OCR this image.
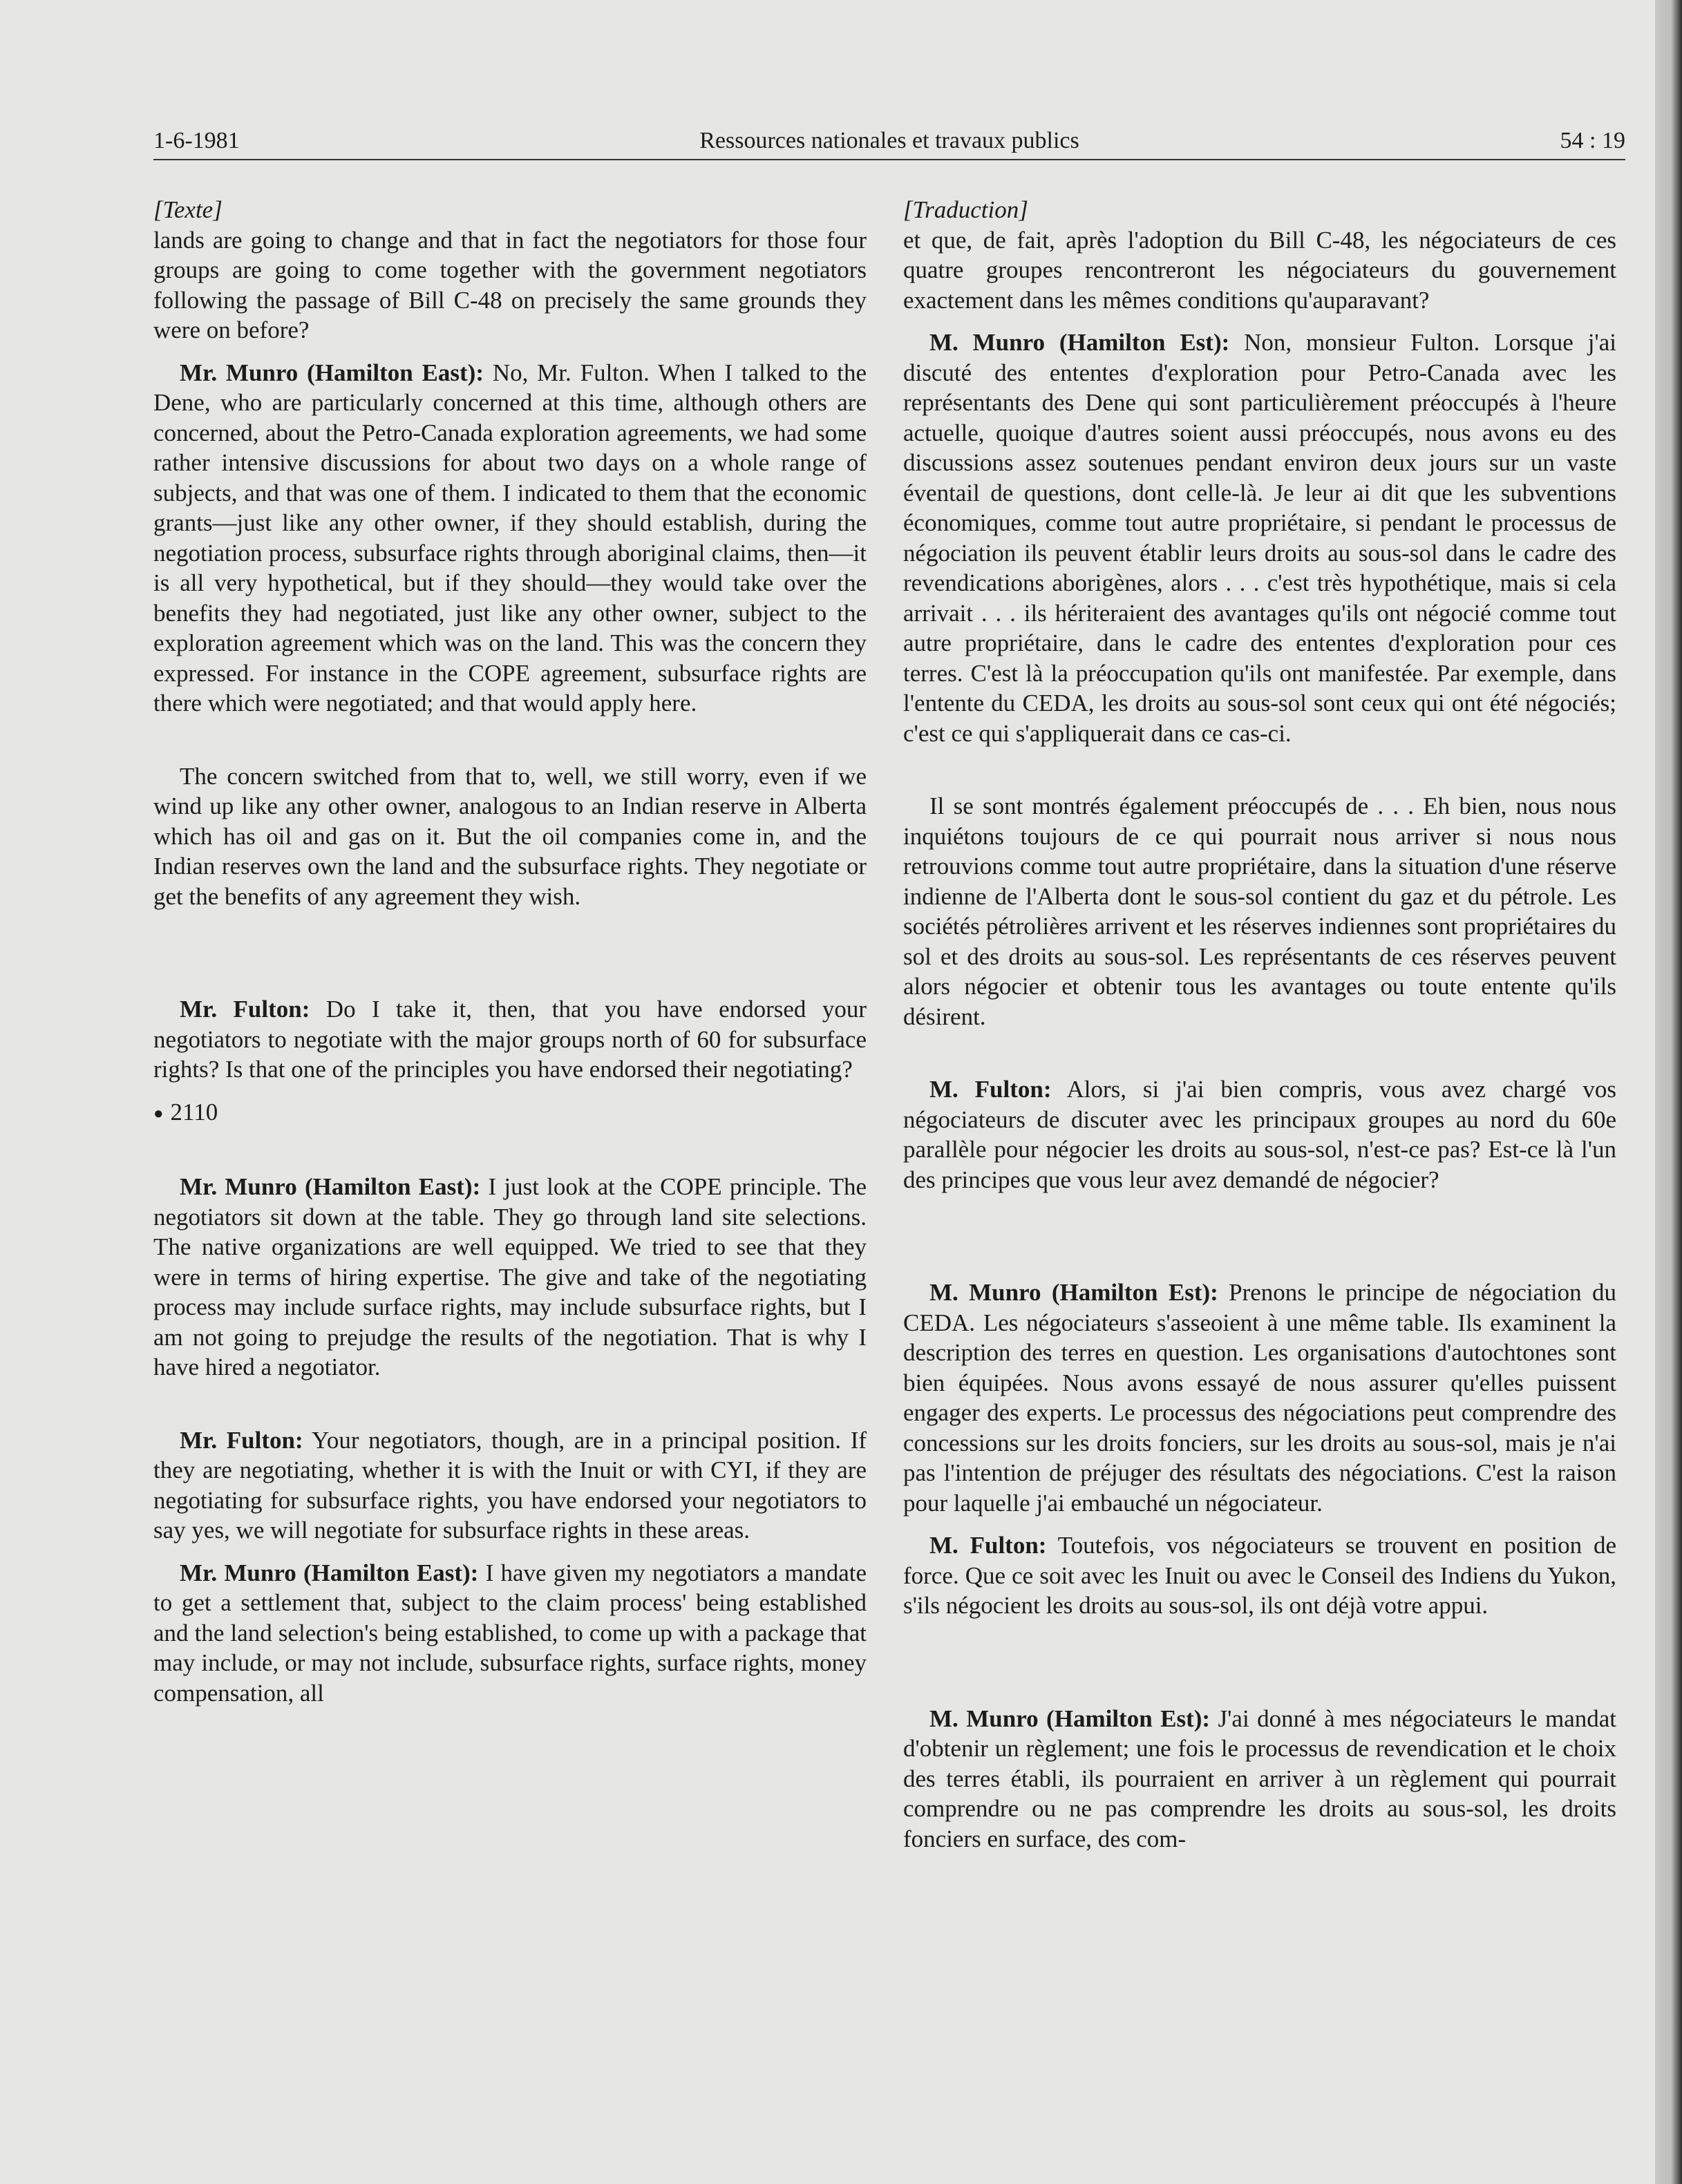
1-6-1981	Ressources nationales et travaux publics	54 : 19

[Texte]

lands are going to change and that in fact the negotiators for those four groups are going to come together with the government negotiators following the passage of Bill C-48 on precisely the same grounds they were on before?

Mr. Munro (Hamilton East): No, Mr. Fulton. When I talked to the Dene, who are particularly concerned at this time, although others are concerned, about the Petro-Canada exploration agreements, we had some rather intensive discussions for about two days on a whole range of subjects, and that was one of them. I indicated to them that the economic grants—just like any other owner, if they should establish, during the negotiation process, subsurface rights through aboriginal claims, then—it is all very hypothetical, but if they should—they would take over the benefits they had negotiated, just like any other owner, subject to the exploration agreement which was on the land. This was the concern they expressed. For instance in the COPE agreement, subsurface rights are there which were negotiated; and that would apply here.

The concern switched from that to, well, we still worry, even if we wind up like any other owner, analogous to an Indian reserve in Alberta which has oil and gas on it. But the oil companies come in, and the Indian reserves own the land and the subsurface rights. They negotiate or get the benefits of any agreement they wish.

Mr. Fulton: Do I take it, then, that you have endorsed your negotiators to negotiate with the major groups north of 60 for subsurface rights? Is that one of the principles you have endorsed their negotiating?

● 2110

Mr. Munro (Hamilton East): I just look at the COPE principle. The negotiators sit down at the table. They go through land site selections. The native organizations are well equipped. We tried to see that they were in terms of hiring expertise. The give and take of the negotiating process may include surface rights, may include subsurface rights, but I am not going to prejudge the results of the negotiation. That is why I have hired a negotiator.

Mr. Fulton: Your negotiators, though, are in a principal position. If they are negotiating, whether it is with the Inuit or with CYI, if they are negotiating for subsurface rights, you have endorsed your negotiators to say yes, we will negotiate for subsurface rights in these areas.

Mr. Munro (Hamilton East): I have given my negotiators a mandate to get a settlement that, subject to the claim process' being established and the land selection's being established, to come up with a package that may include, or may not include, subsurface rights, surface rights, money compensation, all

[Traduction]

et que, de fait, après l'adoption du Bill C-48, les négociateurs de ces quatre groupes rencontreront les négociateurs du gouvernement exactement dans les mêmes conditions qu'auparavant?

M. Munro (Hamilton Est): Non, monsieur Fulton. Lorsque j'ai discuté des ententes d'exploration pour Petro-Canada avec les représentants des Dene qui sont particulièrement préoccupés à l'heure actuelle, quoique d'autres soient aussi préoccupés, nous avons eu des discussions assez soutenues pendant environ deux jours sur un vaste éventail de questions, dont celle-là. Je leur ai dit que les subventions économiques, comme tout autre propriétaire, si pendant le processus de négociation ils peuvent établir leurs droits au sous-sol dans le cadre des revendications aborigènes, alors . . . c'est très hypothétique, mais si cela arrivait . . . ils hériteraient des avantages qu'ils ont négocié comme tout autre propriétaire, dans le cadre des ententes d'exploration pour ces terres. C'est là la préoccupation qu'ils ont manifestée. Par exemple, dans l'entente du CEDA, les droits au sous-sol sont ceux qui ont été négociés; c'est ce qui s'appliquerait dans ce cas-ci.

Il se sont montrés également préoccupés de . . . Eh bien, nous nous inquiétons toujours de ce qui pourrait nous arriver si nous nous retrouvions comme tout autre propriétaire, dans la situation d'une réserve indienne de l'Alberta dont le sous-sol contient du gaz et du pétrole. Les sociétés pétrolières arrivent et les réserves indiennes sont propriétaires du sol et des droits au sous-sol. Les représentants de ces réserves peuvent alors négocier et obtenir tous les avantages ou toute entente qu'ils désirent.

M. Fulton: Alors, si j'ai bien compris, vous avez chargé vos négociateurs de discuter avec les principaux groupes au nord du 60e parallèle pour négocier les droits au sous-sol, n'est-ce pas? Est-ce là l'un des principes que vous leur avez demandé de négocier?

M. Munro (Hamilton Est): Prenons le principe de négociation du CEDA. Les négociateurs s'asseoient à une même table. Ils examinent la description des terres en question. Les organisations d'autochtones sont bien équipées. Nous avons essayé de nous assurer qu'elles puissent engager des experts. Le processus des négociations peut comprendre des concessions sur les droits fonciers, sur les droits au sous-sol, mais je n'ai pas l'intention de préjuger des résultats des négociations. C'est la raison pour laquelle j'ai embauché un négociateur.

M. Fulton: Toutefois, vos négociateurs se trouvent en position de force. Que ce soit avec les Inuit ou avec le Conseil des Indiens du Yukon, s'ils négocient les droits au sous-sol, ils ont déjà votre appui.

M. Munro (Hamilton Est): J'ai donné à mes négociateurs le mandat d'obtenir un règlement; une fois le processus de revendication et le choix des terres établi, ils pourraient en arriver à un règlement qui pourrait comprendre ou ne pas comprendre les droits au sous-sol, les droits fonciers en surface, des com-
